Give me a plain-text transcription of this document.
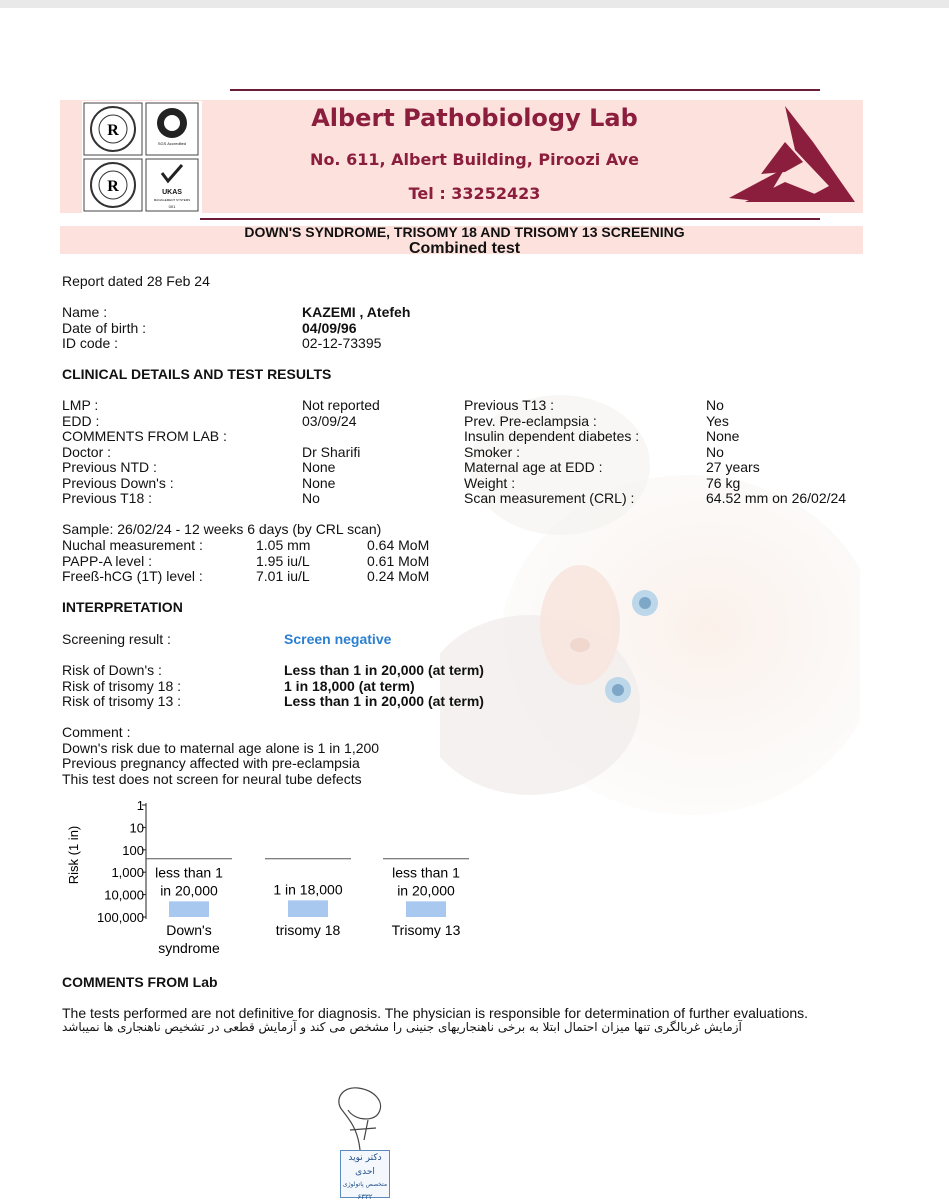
R
R
SGS Accredited
UKAS
MANAGEMENT SYSTEMS
001
Albert Pathobiology Lab
No. 611, Albert Building, Piroozi Ave
Tel : 33252423
DOWN'S SYNDROME, TRISOMY 18 AND TRISOMY 13 SCREENING
Combined test
Report dated 28 Feb 24
Name :
Date of birth :
ID code :
KAZEMI , Atefeh
04/09/96
02-12-73395
CLINICAL DETAILS AND TEST RESULTS
LMP :
EDD :
COMMENTS FROM LAB :
Doctor :
Previous NTD :
Previous Down's :
Previous T18 :
Not reported
03/09/24
Dr Sharifi
None
None
No
Previous T13 :
Prev. Pre-eclampsia :
Insulin dependent diabetes :
Smoker :
Maternal age at EDD :
Weight :
Scan measurement (CRL) :
No
Yes
None
No
27 years
76 kg
64.52 mm on 26/02/24
Sample: 26/02/24 - 12 weeks 6 days (by CRL scan)
Nuchal measurement :
PAPP-A level :
Freeß-hCG (1T) level :
1.05 mm
1.95 iu/L
7.01 iu/L
0.64 MoM
0.61 MoM
0.24 MoM
INTERPRETATION
Screening result :	Screen negative
Risk of Down's :
Risk of trisomy 18 :
Risk of trisomy 13 :
Less than 1 in 20,000 (at term)
1 in 18,000 (at term)
Less than 1 in 20,000 (at term)
Comment :
Down's risk due to maternal age alone is 1 in 1,200
Previous pregnancy affected with pre-eclampsia
This test does not screen for neural tube defects
Risk (1 in)
1
10
100
1,000
10,000
100,000
less than 1
in 20,000
Down's
syndrome
1 in 18,000
trisomy 18
less than 1
in 20,000
Trisomy 13
COMMENTS FROM Lab
The tests performed are not definitive for diagnosis. The physician is responsible for determination of further evaluations.
آزمایش غربالگری تنها میزان احتمال ابتلا به برخی ناهنجاریهای جنینی را مشخص می کند و آزمایش قطعی در تشخیص ناهنجاری ها نمیباشد
دکتر نوید احدی
متخصص پاتولوژی
۶۳۳۲
